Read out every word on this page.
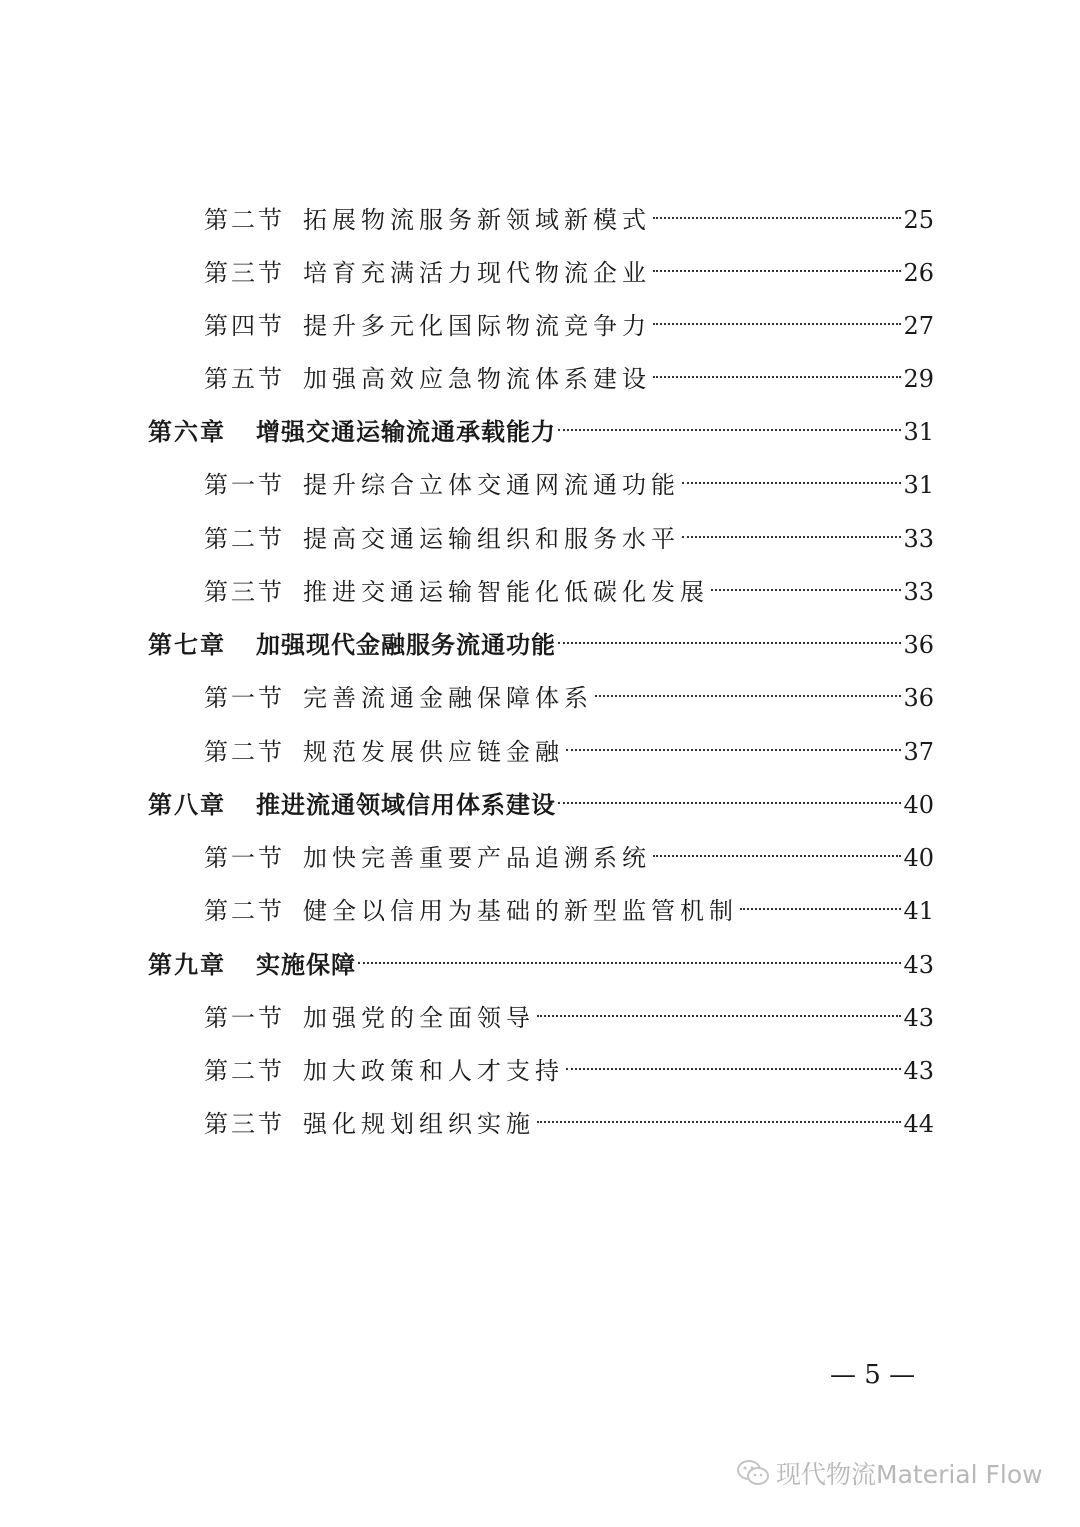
第二节 拓展物流服务新领域新模式	25
第三节 培育充满活力现代物流企业	26
第四节 提升多元化国际物流竞争力	27
第五节 加强高效应急物流体系建设	29
第六章 增强交通运输流通承载能力	31
第一节 提升综合立体交通网流通功能	31
第二节 提高交通运输组织和服务水平	33
第三节 推进交通运输智能化低碳化发展	33
第七章 加强现代金融服务流通功能	36
第一节 完善流通金融保障体系	36
第二节 规范发展供应链金融	37
第八章 推进流通领域信用体系建设	40
第一节 加快完善重要产品追溯系统	40
第二节 健全以信用为基础的新型监管机制	41
第九章 实施保障	43
第一节 加强党的全面领导	43
第二节 加大政策和人才支持	43
第三节 强化规划组织实施	44
— 5 —
现代物流Material Flow
